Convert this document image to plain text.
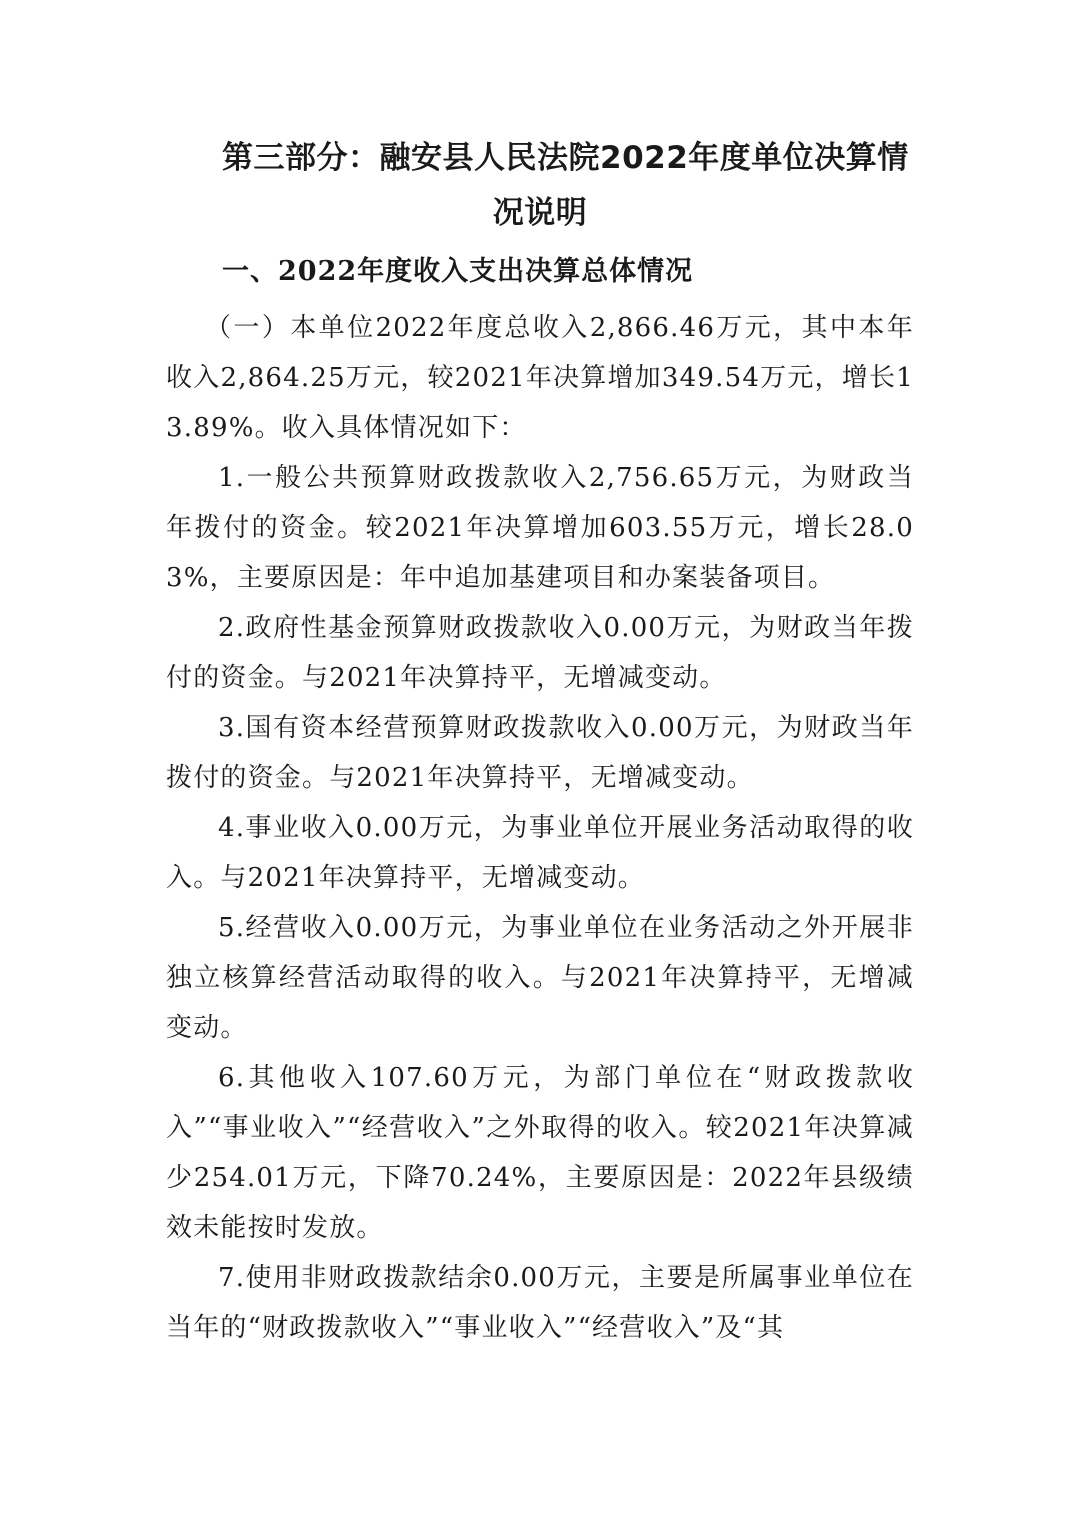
第三部分：融安县人民法院2022年度单位决算情
况说明
一、2022年度收入支出决算总体情况

（一）本单位2022年度总收入2,866.46万元，其中本年收入2,864.25万元，较2021年决算增加349.54万元，增长13.89%。收入具体情况如下：

1.一般公共预算财政拨款收入2,756.65万元，为财政当年拨付的资金。较2021年决算增加603.55万元，增长28.03%，主要原因是：年中追加基建项目和办案装备项目。

2.政府性基金预算财政拨款收入0.00万元，为财政当年拨付的资金。与2021年决算持平，无增减变动。

3.国有资本经营预算财政拨款收入0.00万元，为财政当年拨付的资金。与2021年决算持平，无增减变动。

4.事业收入0.00万元，为事业单位开展业务活动取得的收入。与2021年决算持平，无增减变动。

5.经营收入0.00万元，为事业单位在业务活动之外开展非独立核算经营活动取得的收入。与2021年决算持平，无增减变动。

6.其他收入107.60万元，为部门单位在“财政拨款收入”“事业收入”“经营收入”之外取得的收入。较2021年决算减少254.01万元，下降70.24%，主要原因是：2022年县级绩效未能按时发放。

7.使用非财政拨款结余0.00万元，主要是所属事业单位在当年的“财政拨款收入”“事业收入”“经营收入”及“其
